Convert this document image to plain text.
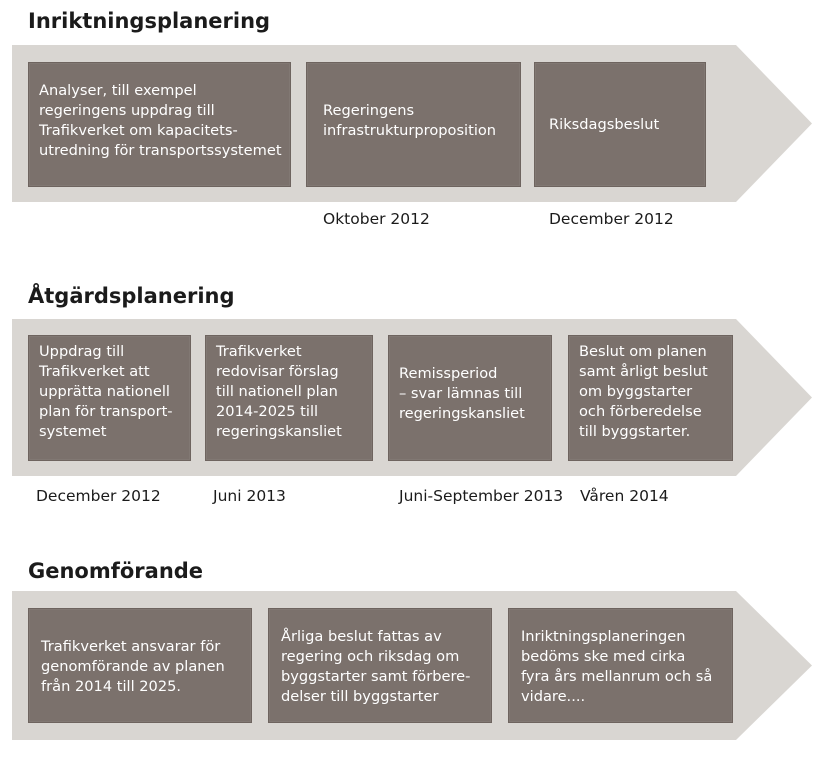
Inriktningsplanering
Analyser, till exempel
regeringens uppdrag till
Trafikverket om kapacitets-
utredning för transportssystemet
Regeringens
infrastrukturproposition	Riksdagsbeslut
Oktober 2012	December 2012
Åtgärdsplanering
Uppdrag till
Trafikverket att
upprätta nationell
plan för transport-
systemet
Trafikverket
redovisar förslag
till nationell plan
2014-2025 till
regeringskansliet
Remissperiod
– svar lämnas till
regeringskansliet
Beslut om planen
samt årligt beslut
om byggstarter
och förberedelse
till byggstarter.
December 2012	Juni 2013	Juni-September 2013 Våren 2014
Genomförande
Trafikverket ansvarar för
genomförande av planen
från 2014 till 2025.
Årliga beslut fattas av
regering och riksdag om
byggstarter samt förbere-
delser till byggstarter
Inriktningsplaneringen
bedöms ske med cirka
fyra års mellanrum och så
vidare....
